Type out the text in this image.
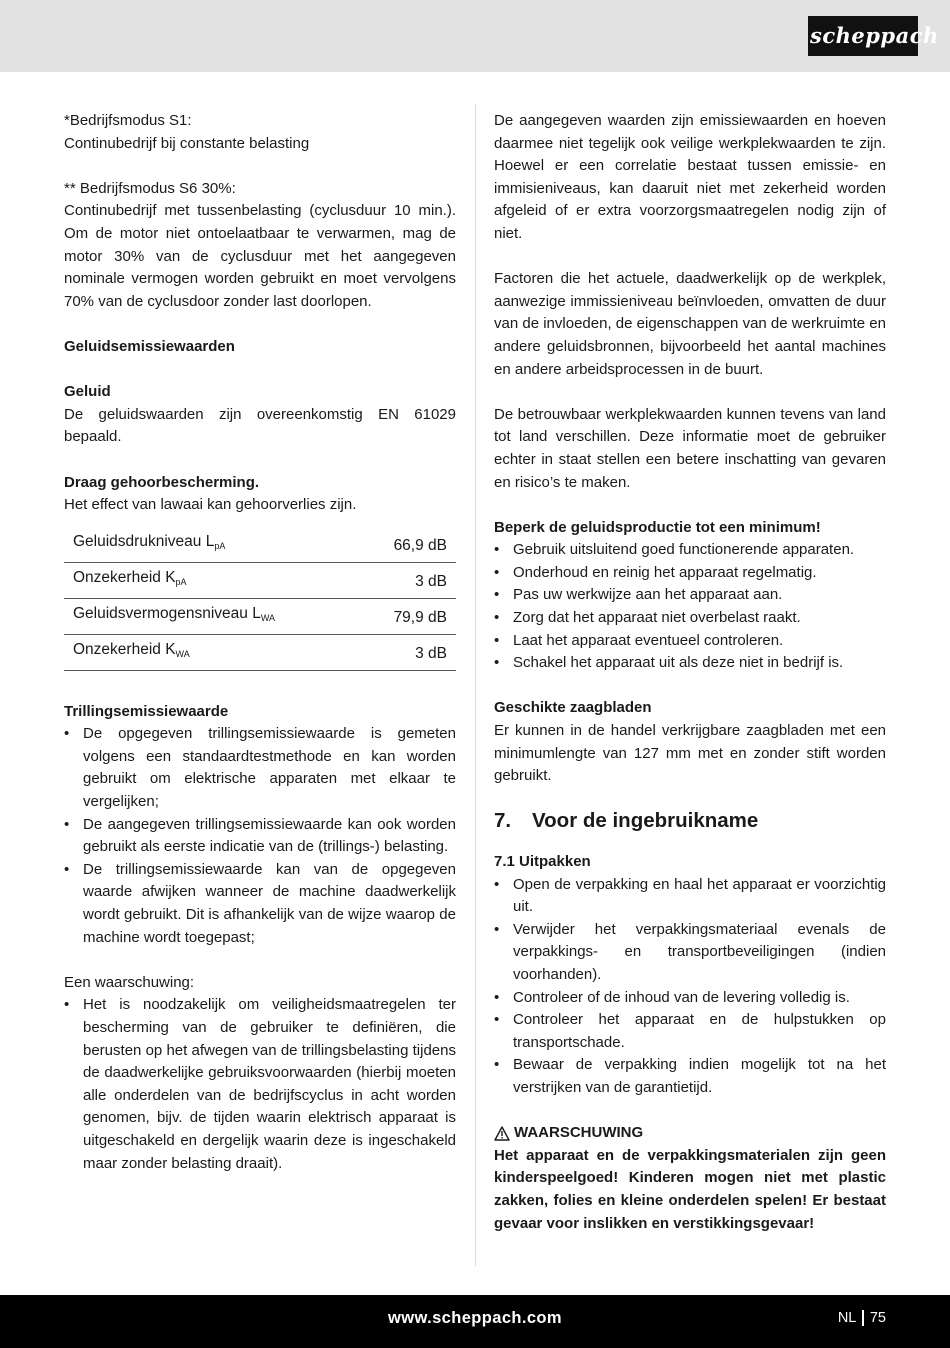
scheppach
*Bedrijfsmodus S1:
Continubedrijf bij constante belasting
** Bedrijfsmodus S6 30%:
Continubedrijf met tussenbelasting (cyclusduur 10 min.). Om de motor niet ontoelaatbaar te verwarmen, mag de motor 30% van de cyclusduur met het aangegeven nominale vermogen worden gebruikt en moet vervolgens 70% van de cyclusdoor zonder last doorlopen.
Geluidsemissiewaarden
Geluid
De geluidswaarden zijn overeenkomstig EN 61029 bepaald.
Draag gehoorbescherming.
Het effect van lawaai kan gehoorverlies zijn.
Geluidsdrukniveau $L_{pA}$	66,9 dB
Onzekerheid $K_{pA}$	3 dB
Geluidsvermogensniveau $L_{WA}$	79,9 dB
Onzekerheid $K_{WA}$	3 dB
Trillingsemissiewaarde
• De opgegeven trillingsemissiewaarde is gemeten volgens een standaardtestmethode en kan worden gebruikt om elektrische apparaten met elkaar te vergelijken;
• De aangegeven trillingsemissiewaarde kan ook worden gebruikt als eerste indicatie van de (trillings-) belasting.
• De trillingsemissiewaarde kan van de opgegeven waarde afwijken wanneer de machine daadwerkelijk wordt gebruikt. Dit is afhankelijk van de wijze waarop de machine wordt toegepast;
Een waarschuwing:
• Het is noodzakelijk om veiligheidsmaatregelen ter bescherming van de gebruiker te definiëren, die berusten op het afwegen van de trillingsbelasting tijdens de daadwerkelijke gebruiksvoorwaarden (hierbij moeten alle onderdelen van de bedrijfscyclus in acht worden genomen, bijv. de tijden waarin elektrisch apparaat is uitgeschakeld en dergelijk waarin deze is ingeschakeld maar zonder belasting draait).
De aangegeven waarden zijn emissiewaarden en hoeven daarmee niet tegelijk ook veilige werkplekwaarden te zijn. Hoewel er een correlatie bestaat tussen emissie- en immisieniveaus, kan daaruit niet met zekerheid worden afgeleid of er extra voorzorgsmaatregelen nodig zijn of niet.
Factoren die het actuele, daadwerkelijk op de werkplek, aanwezige immissieniveau beïnvloeden, omvatten de duur van de invloeden, de eigenschappen van de werkruimte en andere geluidsbronnen, bijvoorbeeld het aantal machines en andere arbeidsprocessen in de buurt.
De betrouwbaar werkplekwaarden kunnen tevens van land tot land verschillen. Deze informatie moet de gebruiker echter in staat stellen een betere inschatting van gevaren en risico’s te maken.
Beperk de geluidsproductie tot een minimum!
• Gebruik uitsluitend goed functionerende apparaten.
• Onderhoud en reinig het apparaat regelmatig.
• Pas uw werkwijze aan het apparaat aan.
• Zorg dat het apparaat niet overbelast raakt.
• Laat het apparaat eventueel controleren.
• Schakel het apparaat uit als deze niet in bedrijf is.
Geschikte zaagbladen
Er kunnen in de handel verkrijgbare zaagbladen met een minimumlengte van 127 mm met en zonder stift worden gebruikt.
7.	Voor de ingebruikname
7.1 Uitpakken
• Open de verpakking en haal het apparaat er voorzichtig uit.
• Verwijder het verpakkingsmateriaal evenals de verpakkings- en transportbeveiligingen (indien voorhanden).
• Controleer of de inhoud van de levering volledig is.
• Controleer het apparaat en de hulpstukken op transportschade.
• Bewaar de verpakking indien mogelijk tot na het verstrijken van de garantietijd.
WAARSCHUWING
Het apparaat en de verpakkingsmaterialen zijn geen kinderspeelgoed! Kinderen mogen niet met plastic zakken, folies en kleine onderdelen spelen! Er bestaat gevaar voor inslikken en verstikkingsgevaar!
www.scheppach.com	NL 75
